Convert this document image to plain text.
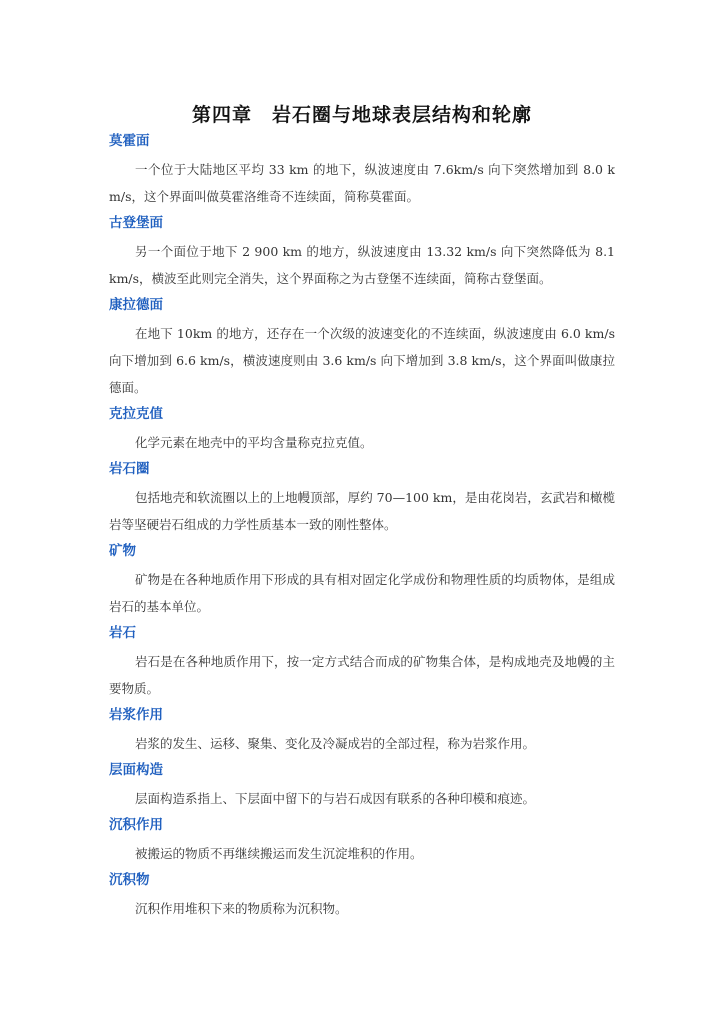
第四章　岩石圈与地球表层结构和轮廓

莫霍面

一个位于大陆地区平均 33 km 的地下，纵波速度由 7.6km/s 向下突然增加到 8.0 km/s，这个界面叫做莫霍洛维奇不连续面，简称莫霍面。

古登堡面

另一个面位于地下 2 900 km 的地方，纵波速度由 13.32 km/s 向下突然降低为 8.1 km/s，横波至此则完全消失，这个界面称之为古登堡不连续面，简称古登堡面。

康拉德面

在地下 10km 的地方，还存在一个次级的波速变化的不连续面，纵波速度由 6.0 km/s 向下增加到 6.6 km/s，横波速度则由 3.6 km/s 向下增加到 3.8 km/s，这个界面叫做康拉德面。

克拉克值

化学元素在地壳中的平均含量称克拉克值。

岩石圈

包括地壳和软流圈以上的上地幔顶部，厚约 70—100 km，是由花岗岩，玄武岩和橄榄岩等坚硬岩石组成的力学性质基本一致的刚性整体。

矿物

矿物是在各种地质作用下形成的具有相对固定化学成份和物理性质的均质物体，是组成岩石的基本单位。

岩石

岩石是在各种地质作用下，按一定方式结合而成的矿物集合体，是构成地壳及地幔的主要物质。

岩浆作用

岩浆的发生、运移、聚集、变化及冷凝成岩的全部过程，称为岩浆作用。

层面构造

层面构造系指上、下层面中留下的与岩石成因有联系的各种印模和痕迹。

沉积作用

被搬运的物质不再继续搬运而发生沉淀堆积的作用。

沉积物

沉积作用堆积下来的物质称为沉积物。
